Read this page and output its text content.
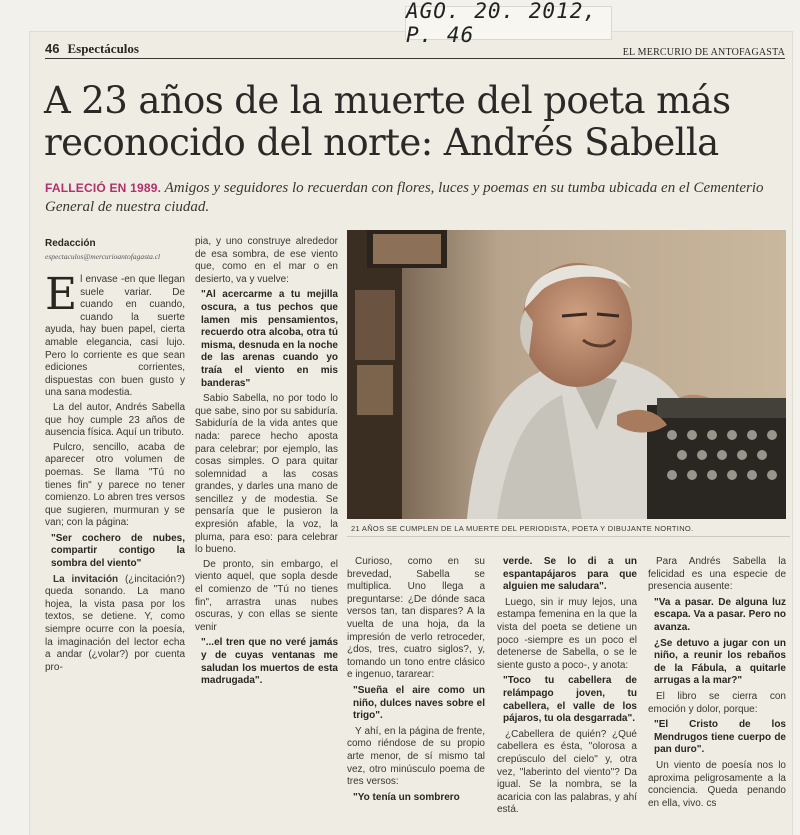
AGO. 20. 2012, P. 46
46 Espectáculos	EL MERCURIO DE ANTOFAGASTA
A 23 años de la muerte del poeta más reconocido del norte: Andrés Sabella
FALLECIÓ EN 1989. Amigos y seguidores lo recuerdan con flores, luces y poemas en su tumba ubicada en el Cementerio General de nuestra ciudad.
Redacción
espectaculos@mercurioantofagasta.cl

El envase -en que llegan suele variar. De cuando en cuando, cuando la suerte ayuda, hay buen papel, cierta amable elegancia, casi lujo. Pero lo corriente es que sean ediciones corrientes, dispuestas con buen gusto y una sana modestia.

La del autor, Andrés Sabella que hoy cumple 23 años de ausencia física. Aquí un tributo.

Pulcro, sencillo, acaba de aparecer otro volumen de poemas. Se llama "Tú no tienes fin" y parece no tener comienzo. Lo abren tres versos que sugieren, murmuran y se van; con la página:

"Ser cochero de nubes, compartir contigo la sombra del viento"

La invitación (¿incitación?) queda sonando. La mano hojea, la vista pasa por los textos, se detiene. Y, como siempre ocurre con la poesía, la imaginación del lector echa a andar (¿volar?) por cuenta pro-

pia, y uno construye alrededor de esa sombra, de ese viento que, como en el mar o en desierto, va y vuelve:

"Al acercarme a tu mejilla oscura, a tus pechos que lamen mis pensamientos, recuerdo otra alcoba, otra tú misma, desnuda en la noche de las arenas cuando yo traía el viento en mis banderas"

Sabio Sabella, no por todo lo que sabe, sino por su sabiduría. Sabiduría de la vida antes que nada: parece hecho aposta para celebrar; por ejemplo, las cosas simples. O para quitar solemnidad a las cosas grandes, y darles una mano de sencillez y de modestia. Se pensaría que le pusieron la expresión afable, la voz, la pluma, para eso: para celebrar lo bueno.

De pronto, sin embargo, el viento aquel, que sopla desde el comienzo de "Tú no tienes fin", arrastra unas nubes oscuras, y con ellas se siente venir

"...el tren que no veré jamás y de cuyas ventanas me saludan los muertos de esta madrugada".

21 AÑOS SE CUMPLEN DE LA MUERTE DEL PERIODISTA, POETA Y DIBUJANTE NORTINO.

Curioso, como en su brevedad, Sabella se multiplica. Uno llega a preguntarse: ¿De dónde saca versos tan, tan dispares? A la vuelta de una hoja, da la impresión de verlo retroceder, ¿dos, tres, cuatro siglos?, y, tomando un tono entre clásico e ingenuo, tararear:

"Sueña el aire como un niño, dulces naves sobre el trigo".

Y ahí, en la página de frente, como riéndose de su propio arte menor, de sí mismo tal vez, otro minúsculo poema de tres versos:

"Yo tenía un sombrero

verde. Se lo di a un espantapájaros para que alguien me saludara".

Luego, sin ir muy lejos, una estampa femenina en la que la vista del poeta se detiene un poco -siempre es un poco el detenerse de Sabella, o se le siente gusto a poco-, y anota:

"Toco tu cabellera de relámpago joven, tu cabellera, el valle de los pájaros, tu ola desgarrada".

¿Cabellera de quién? ¿Qué cabellera es ésta, "olorosa a crepúsculo del cielo" y, otra vez, "laberinto del viento"? Da igual. Se la nombra, se la acaricia con las palabras, y ahí está.

Para Andrés Sabella la felicidad es una especie de presencia ausente:

"Va a pasar. De alguna luz escapa. Va a pasar. Pero no avanza.

¿Se detuvo a jugar con un niño, a reunir los rebaños de la Fábula, a quitarle arrugas a la mar?"

El libro se cierra con emoción y dolor, porque:

"El Cristo de los Mendrugos tiene cuerpo de pan duro".

Un viento de poesía nos lo aproxima peligrosamente a la conciencia. Queda penando en ella, vivo. cs
